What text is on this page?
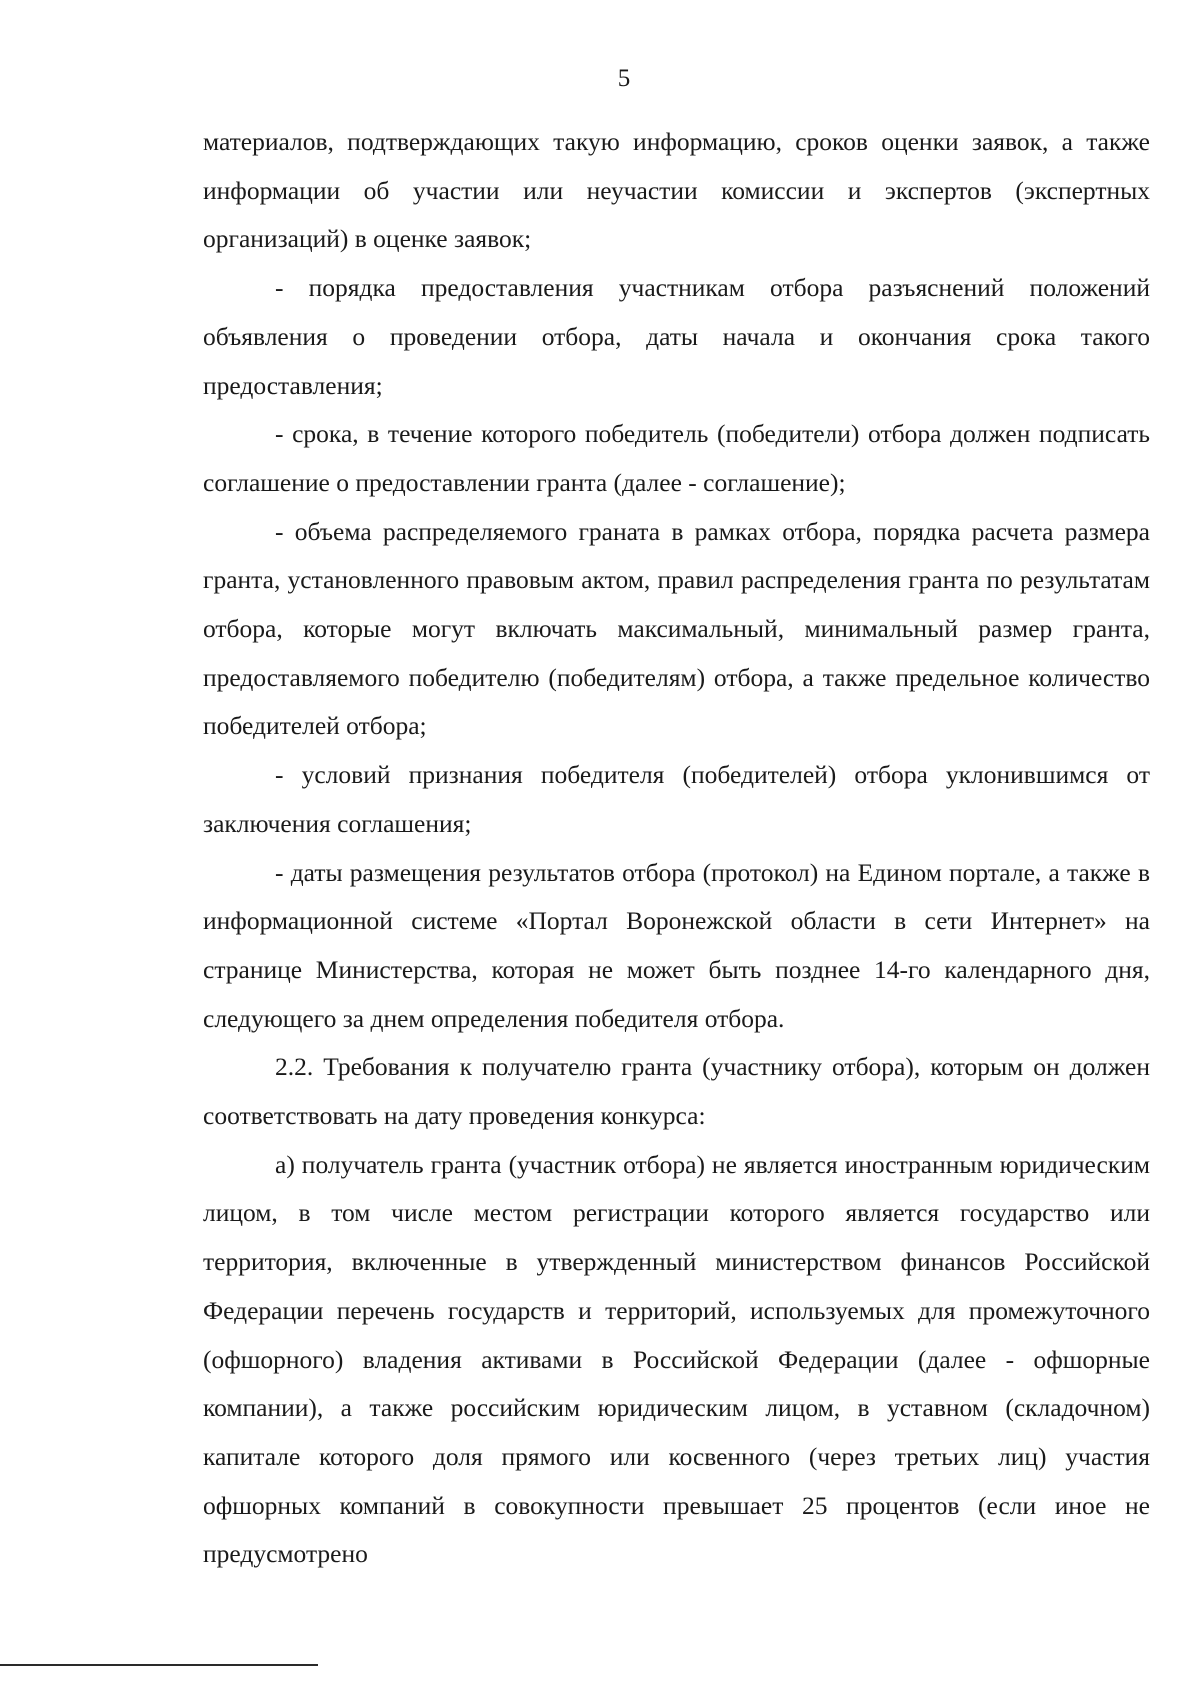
5

материалов, подтверждающих такую информацию, сроков оценки заявок, а также информации об участии или неучастии комиссии и экспертов (экспертных организаций) в оценке заявок;

- порядка предоставления участникам отбора разъяснений положений объявления о проведении отбора, даты начала и окончания срока такого предоставления;

- срока, в течение которого победитель (победители) отбора должен подписать соглашение о предоставлении гранта (далее - соглашение);

- объема распределяемого граната в рамках отбора, порядка расчета размера гранта, установленного правовым актом, правил распределения гранта по результатам отбора, которые могут включать максимальный, минимальный размер гранта, предоставляемого победителю (победителям) отбора, а также предельное количество победителей отбора;

- условий признания победителя (победителей) отбора уклонившимся от заключения соглашения;

- даты размещения результатов отбора (протокол) на Едином портале, а также в информационной системе «Портал Воронежской области в сети Интернет» на странице Министерства, которая не может быть позднее 14-го календарного дня, следующего за днем определения победителя отбора.

2.2. Требования к получателю гранта (участнику отбора), которым он должен соответствовать на дату проведения конкурса:

а) получатель гранта (участник отбора) не является иностранным юридическим лицом, в том числе местом регистрации которого является государство или территория, включенные в утвержденный министерством финансов Российской Федерации перечень государств и территорий, используемых для промежуточного (офшорного) владения активами в Российской Федерации (далее - офшорные компании), а также российским юридическим лицом, в уставном (складочном) капитале которого доля прямого или косвенного (через третьих лиц) участия офшорных компаний в совокупности превышает 25 процентов (если иное не предусмотрено
